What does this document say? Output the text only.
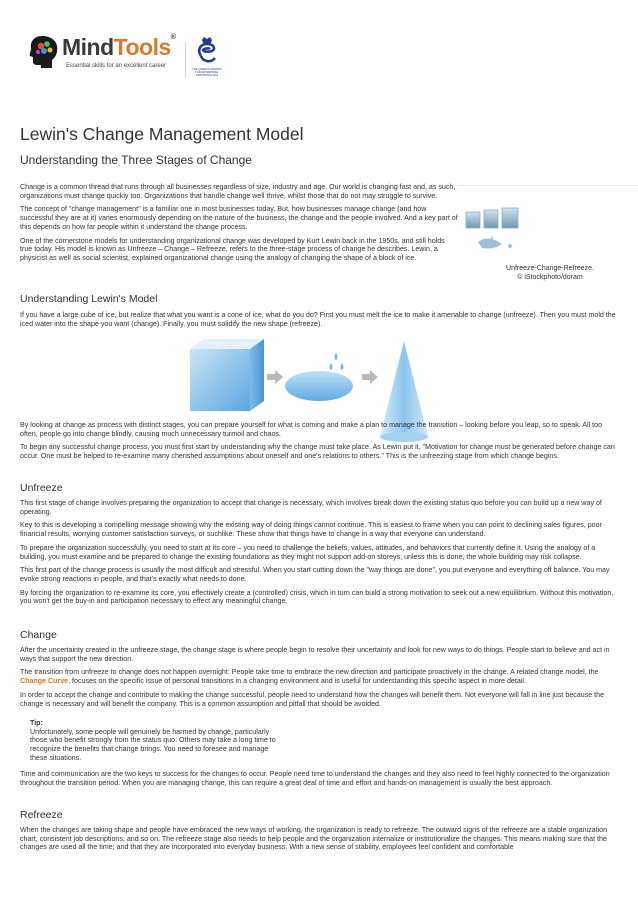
MindTools®
Essential skills for an excellent career
THE QUEEN'S AWARDS FOR ENTERPRISE: INNOVATION 2012
Lewin's Change Management Model
Understanding the Three Stages of Change

Change is a common thread that runs through all businesses regardless of size, industry and age. Our world is changing fast and, as such, organizations must change quickly too. Organizations that handle change well thrive, whilst those that do not may struggle to survive.

The concept of "change management" is a familiar one in most businesses today. But, how businesses manage change (and how successful they are at it) varies enormously depending on the nature of the business, the change and the people involved. And a key part of this depends on how far people within it understand the change process.

One of the cornerstone models for understanding organizational change was developed by Kurt Lewin back in the 1950s, and still holds true today. His model is known as Unfreeze – Change – Refreeze, refers to the three-stage process of change he describes. Lewin, a physicist as well as social scientist, explained organizational change using the analogy of changing the shape of a block of ice.

Unfreeze-Change-Refreeze.
© iStockphoto/doram
Understanding Lewin's Model
If you have a large cube of ice, but realize that what you want is a cone of ice, what do you do? First you must melt the ice to make it amenable to change (unfreeze). Then you must mold the iced water into the shape you want (change). Finally, you must solidify the new shape (refreeze).

By looking at change as process with distinct stages, you can prepare yourself for what is coming and make a plan to manage the transition – looking before you leap, so to speak. All too often, people go into change blindly, causing much unnecessary turmoil and chaos.

To begin any successful change process, you must first start by understanding why the change must take place. As Lewin put it, "Motivation for change must be generated before change can occur. One must be helped to re-examine many cherished assumptions about oneself and one's relations to others." This is the unfreezing stage from which change begins.

Unfreeze

This first stage of change involves preparing the organization to accept that change is necessary, which involves break down the existing status quo before you can build up a new way of operating.

Key to this is developing a compelling message showing why the existing way of doing things cannot continue. This is easiest to frame when you can point to declining sales figures, poor financial results, worrying customer satisfaction surveys, or suchlike: These show that things have to change in a way that everyone can understand.

To prepare the organization successfully, you need to start at its core – you need to challenge the beliefs, values, attitudes, and behaviors that currently define it. Using the analogy of a building, you must examine and be prepared to change the existing foundations as they might not support add-on storeys; unless this is done, the whole building may risk collapse.

This first part of the change process is usually the most difficult and stressful. When you start cutting down the "way things are done", you put everyone and everything off balance. You may evoke strong reactions in people, and that's exactly what needs to done.

By forcing the organization to re-examine its core, you effectively create a (controlled) crisis, which in turn can build a strong motivation to seek out a new equilibrium. Without this motivation, you won't get the buy-in and participation necessary to effect any meaningful change.

Change

After the uncertainty created in the unfreeze stage, the change stage is where people begin to resolve their uncertainty and look for new ways to do things. People start to believe and act in ways that support the new direction.

The transition from unfreeze to change does not happen overnight: People take time to embrace the new direction and participate proactively in the change. A related change model, the Change Curve, focuses on the specific issue of personal transitions in a changing environment and is useful for understanding this specific aspect in more detail.

In order to accept the change and contribute to making the change successful, people need to understand how the changes will benefit them. Not everyone will fall in line just because the change is necessary and will benefit the company. This is a common assumption and pitfall that should be avoided.

Tip:

Unfortunately, some people will genuinely be harmed by change, particularly

those who benefit strongly from the status quo. Others may take a long time to

recognize the benefits that change brings. You need to foresee and manage

these situations.

Time and communication are the two keys to success for the changes to occur. People need time to understand the changes and they also need to feel highly connected to the organization throughout the transition period. When you are managing change, this can require a great deal of time and effort and hands-on management is usually the best approach.
Refreeze
When the changes are taking shape and people have embraced the new ways of working, the organization is ready to refreeze. The outward signs of the refreeze are a stable organization chart, consistent job descriptions, and so on. The refreeze stage also needs to help people and the organization internalize or institutionalize the changes. This means making sure that the changes are used all the time; and that they are incorporated into everyday business. With a new sense of stability, employees feel confident and comfortable
